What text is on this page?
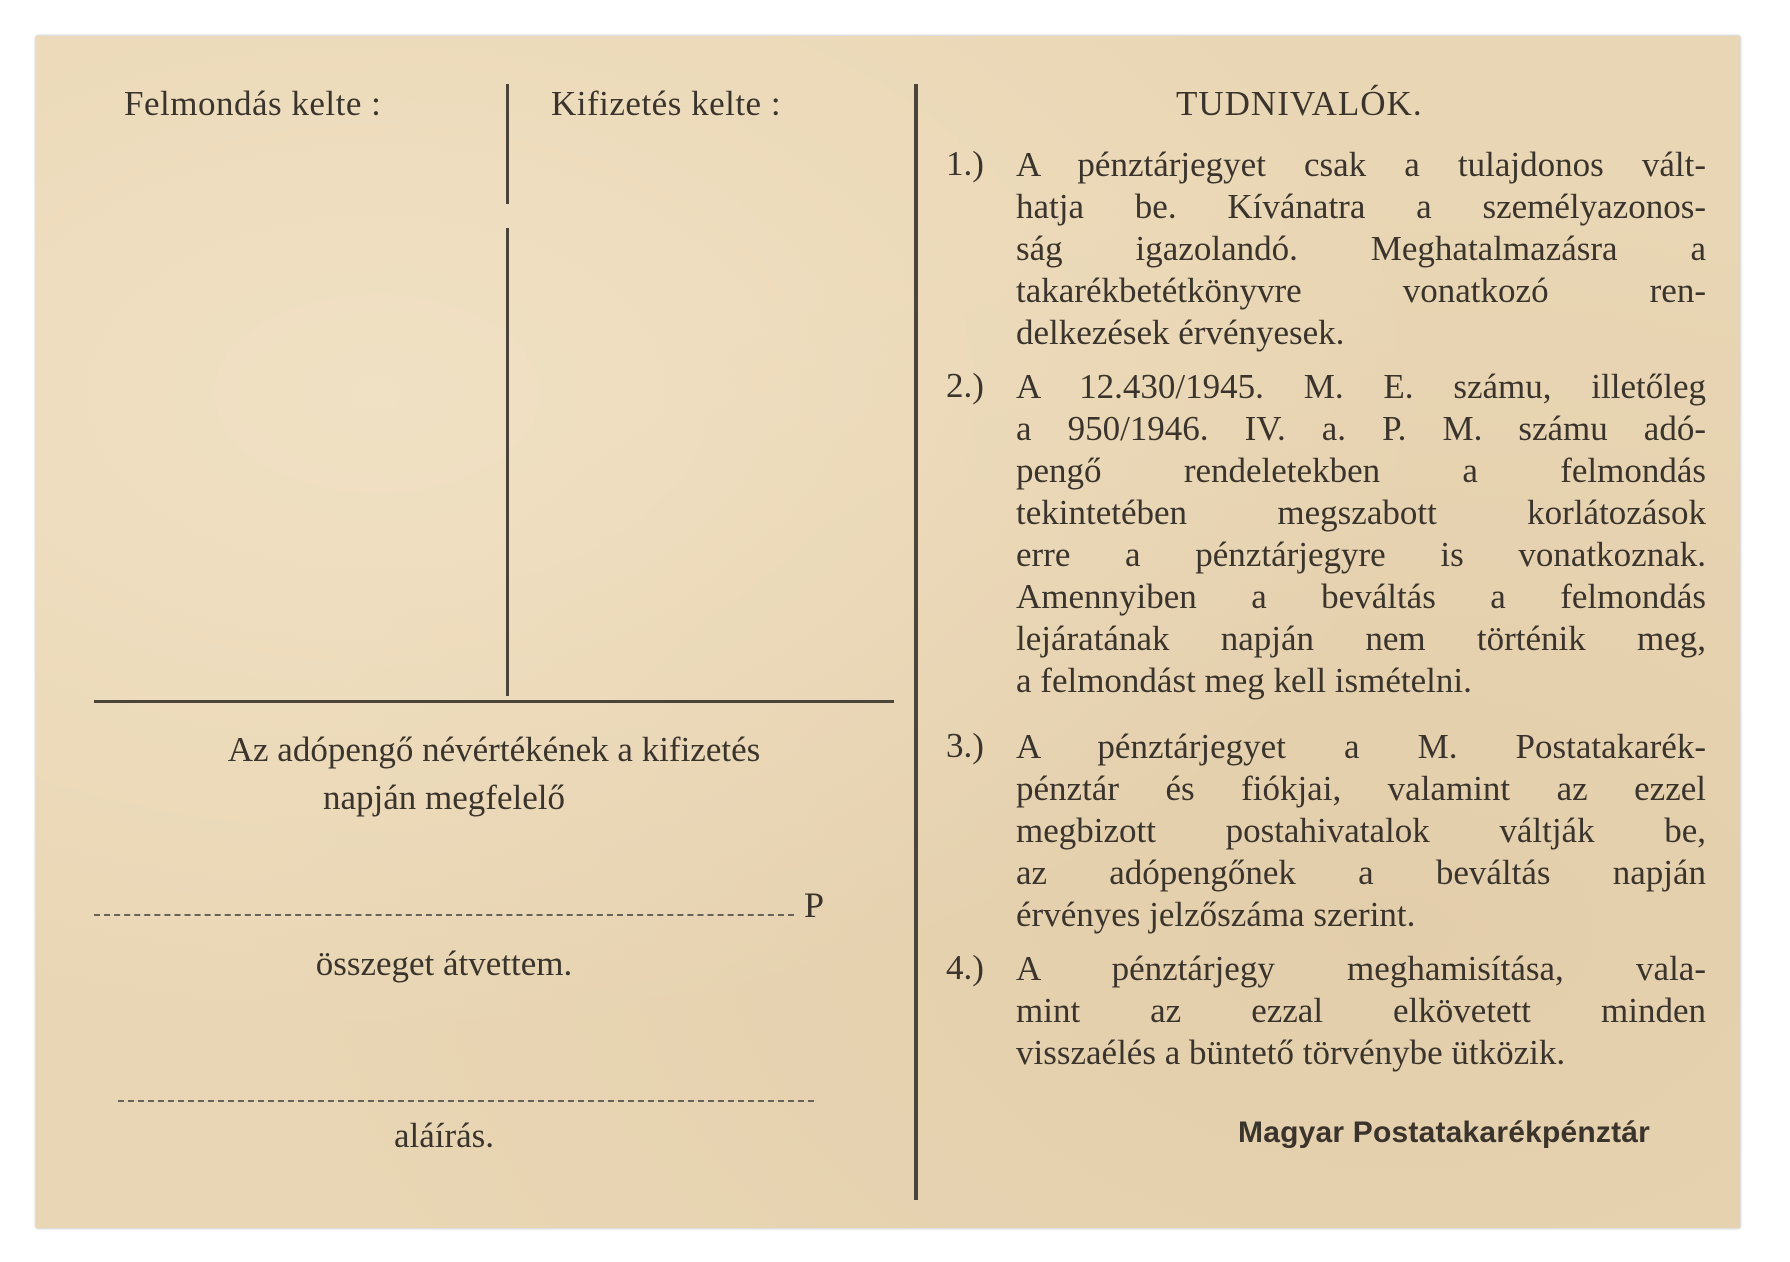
Felmondás kelte :	Kifizetés kelte :
Az adópengő névértékének a kifizetés
napján megfelelő
P
összeget átvettem.
aláírás.
TUDNIVALÓK.
1.) A pénztárjegyet csak a tulajdonos vált-
hatja be. Kívánatra a személyazonos-
ság igazolandó. Meghatalmazásra a
takarékbetétkönyvre vonatkozó ren-

delkezések érvényesek.
2.) A 12.430/1945. M. E. számu, illetőleg
a 950/1946. IV. a. P. M. számu adó-
pengő rendeletekben a felmondás
tekintetében megszabott korlátozások
erre a pénztárjegyre is vonatkoznak.
Amennyiben a beváltás a felmondás
lejáratának napján nem történik meg,

a felmondást meg kell ismételni.
3.) A pénztárjegyet a M. Postatakarék-
pénztár és fiókjai, valamint az ezzel
megbizott postahivatalok váltják be,
az adópengőnek a beváltás napján

érvényes jelzőszáma szerint.
4.) A pénztárjegy meghamisítása, vala-
mint az ezzal elkövetett minden

visszaélés a büntető törvénybe ütközik.
Magyar Postatakarékpénztár
